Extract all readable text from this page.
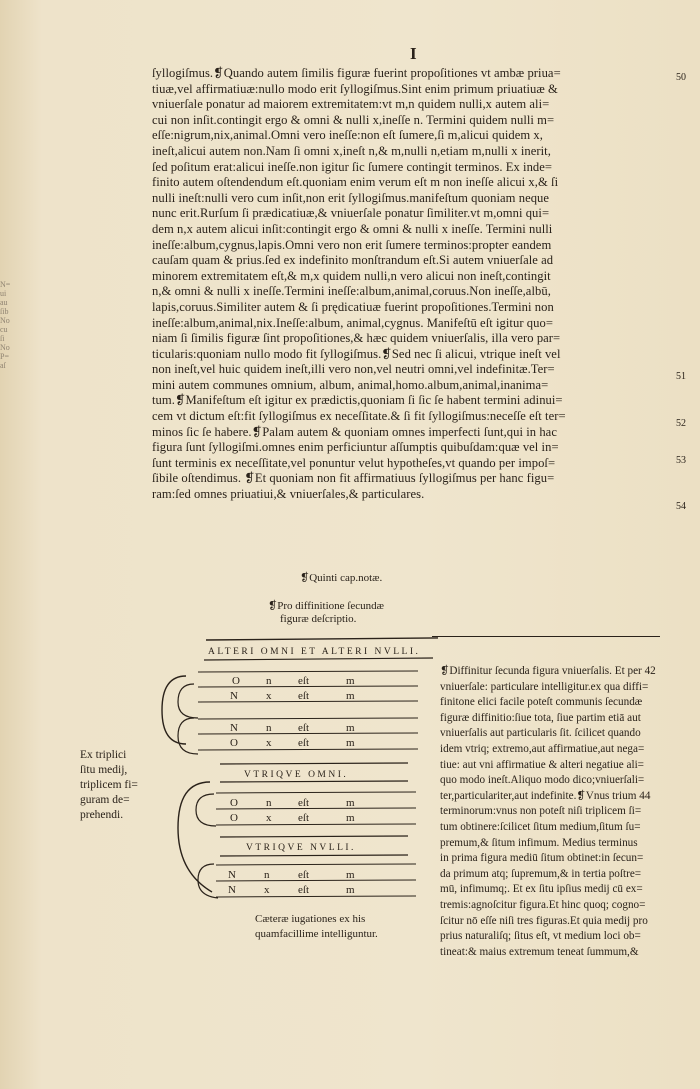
I
N=
ui
au
ſib
No
cu
ſi
No
P=
aſ
ſyllogiſmus.❡Quando autem ſimilis figuræ fuerint propoſitiones vt ambæ priua=
tiuæ,vel affirmatiuæ:nullo modo erit ſyllogiſmus.Sint enim primum priuatiuæ &
vniuerſale ponatur ad maiorem extremitatem:vt m,n quidem nulli,x autem ali=
cui non inſit.contingit ergo & omni & nulli x,ineſſe n. Termini quidem nulli m=
eſſe:nigrum,nix,animal.Omni vero ineſſe:non eſt ſumere,ſi m,alicui quidem x,
ineſt,alicui autem non.Nam ſi omni x,ineſt n,& m,nulli n,etiam m,nulli x inerit,
ſed poſitum erat:alicui ineſſe.non igitur ſic ſumere contingit terminos. Ex inde=
finito autem oſtendendum eſt.quoniam enim verum eſt m non ineſſe alicui x,& ſi
nulli ineſt:nulli vero cum inſit,non erit ſyllogiſmus.manifeſtum quoniam neque
nunc erit.Rurſum ſi prædicatiuæ,& vniuerſale ponatur ſimiliter.vt m,omni qui=
dem n,x autem alicui inſit:contingit ergo & omni & nulli x ineſſe. Termini nulli
ineſſe:album,cygnus,lapis.Omni vero non erit ſumere terminos:propter eandem
cauſam quam & prius.ſed ex indefinito monſtrandum eſt.Si autem vniuerſale ad
minorem extremitatem eſt,& m,x quidem nulli,n vero alicui non ineſt,contingit
n,& omni & nulli x ineſſe.Termini ineſſe:album,animal,coruus.Non ineſſe,albū,
lapis,coruus.Similiter autem & ſi prędicatiuæ fuerint propoſitiones.Termini non
ineſſe:album,animal,nix.Ineſſe:album, animal,cygnus. Manifeſtū eſt igitur quo=
niam ſi ſimilis figuræ ſint propoſitiones,& hæc quidem vniuerſalis, illa vero par=
ticularis:quoniam nullo modo fit ſyllogiſmus.❡Sed nec ſi alicui, vtrique ineſt vel
non ineſt,vel huic quidem ineſt,illi vero non,vel neutri omni,vel indefinitæ.Ter=
mini autem communes omnium, album, animal,homo.album,animal,inanima=
tum.❡Manifeſtum eſt igitur ex prædictis,quoniam ſi ſic ſe habent termini adinui=
cem vt dictum eſt:fit ſyllogiſmus ex neceſſitate.& ſi fit ſyllogiſmus:neceſſe eſt ter=
minos ſic ſe habere.❡Palam autem & quoniam omnes imperfecti ſunt,qui in hac
figura ſunt ſyllogiſmi.omnes enim perficiuntur aſſumptis quibuſdam:quæ vel in=
ſunt terminis ex neceſſitate,vel ponuntur velut hypotheſes,vt quando per impoſ=
ſibile oſtendimus. ❡Et quoniam non fit affirmatiuus ſyllogiſmus per hanc figu=
ram:ſed omnes priuatiui,& vniuerſales,& particulares.
50
51
52
53
54
❡Quinti cap.notæ.
❡Pro diffinitione ſecundæ
figuræ deſcriptio.
ALTERI OMNI ET ALTERI NVLLI.
O n eſt	m
N	x eſt	m
N	n eſt	m
O	x eſt	m
VTRIQVE OMNI.
O	n eſt	m
O	x eſt	m
VTRIQVE NVLLI.
N	n	eſt	m
N	x	eſt	m
❡Diffinitur ſecunda figura vniuerſalis. Et per 42
vniuerſale: particulare intelligitur.ex qua diffi=
finitone elici facile poteſt communis ſecundæ
figuræ diffinitio:ſiue tota, ſiue partim etiā aut
vniuerſalis aut particularis ſit. ſcilicet quando
idem vtriq; extremo,aut affirmatiue,aut nega=
tiue: aut vni affirmatiue & alteri negatiue ali=
quo modo ineſt.Aliquo modo dico;vniuerſali=
ter,particulariter,aut indefinite.❡Vnus trium 44
terminorum:vnus non poteſt niſi triplicem ſi=
tum obtinere:ſcilicet ſitum medium,ſitum ſu=
premum,& ſitum infimum. Medius terminus
in prima figura mediū ſitum obtinet:in ſecun=
da primum atq; ſupremum,& in tertia poſtre=
mū, infimumq;. Et ex ſitu ipſius medij cū ex=
tremis:agnoſcitur figura.Et hinc quoq; cogno=
ſcitur nō eſſe niſi tres figuras.Et quia medij pro
prius naturaliſq; ſitus eſt, vt medium loci ob=
tineat:& maius extremum teneat ſummum,&
Ex triplici
ſitu medij,
triplicem fi=
guram de=
prehendi.
Cæteræ iugationes ex his
quamfacillime intelliguntur.
